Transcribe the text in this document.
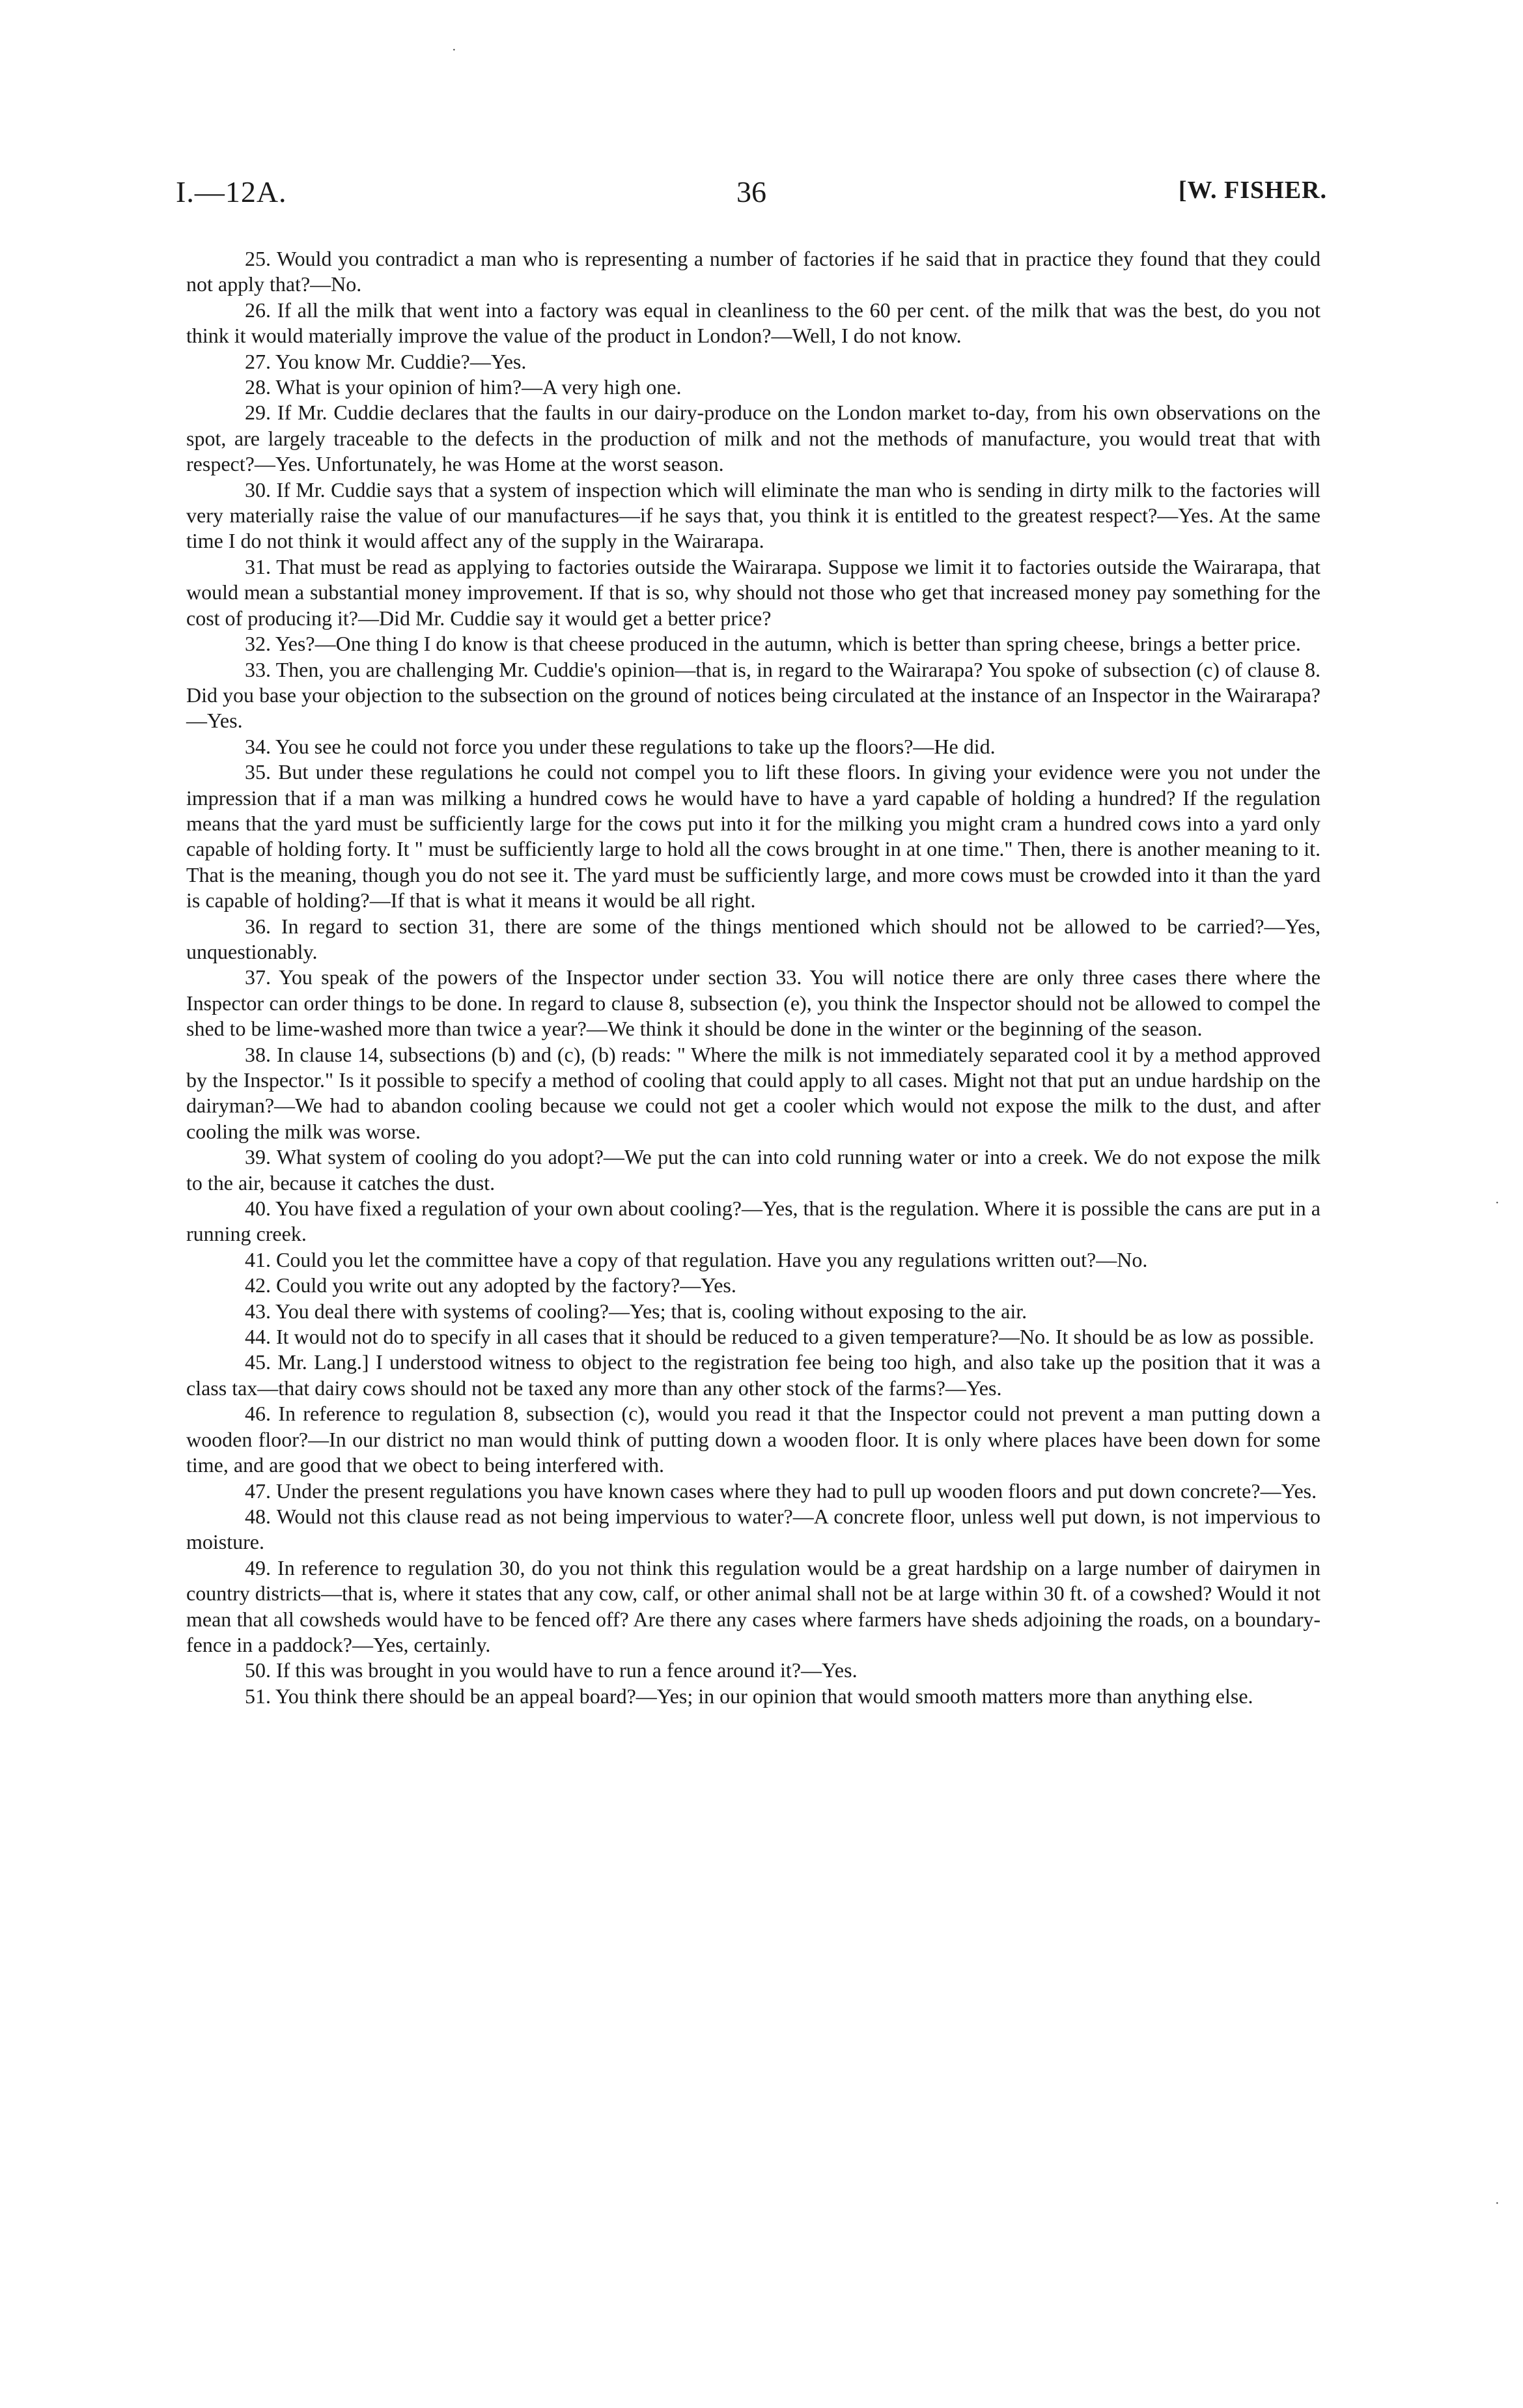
I.—12A.	36	[W. FISHER.
·
·
·

25. Would you contradict a man who is representing a number of factories if he said that in practice they found that they could not apply that?—No.

26. If all the milk that went into a factory was equal in cleanliness to the 60 per cent. of the milk that was the best, do you not think it would materially improve the value of the product in London?—Well, I do not know.

27. You know Mr. Cuddie?—Yes.

28. What is your opinion of him?—A very high one.

29. If Mr. Cuddie declares that the faults in our dairy-produce on the London market to-day, from his own observations on the spot, are largely traceable to the defects in the production of milk and not the methods of manufacture, you would treat that with respect?—Yes. Unfortunately, he was Home at the worst season.

30. If Mr. Cuddie says that a system of inspection which will eliminate the man who is sending in dirty milk to the factories will very materially raise the value of our manufactures—if he says that, you think it is entitled to the greatest respect?—Yes. At the same time I do not think it would affect any of the supply in the Wairarapa.

31. That must be read as applying to factories outside the Wairarapa. Suppose we limit it to factories outside the Wairarapa, that would mean a substantial money improvement. If that is so, why should not those who get that increased money pay something for the cost of producing it?—Did Mr. Cuddie say it would get a better price?

32. Yes?—One thing I do know is that cheese produced in the autumn, which is better than spring cheese, brings a better price.

33. Then, you are challenging Mr. Cuddie's opinion—that is, in regard to the Wairarapa? You spoke of subsection (c) of clause 8. Did you base your objection to the subsection on the ground of notices being circulated at the instance of an Inspector in the Wairarapa?—Yes.

34. You see he could not force you under these regulations to take up the floors?—He did.

35. But under these regulations he could not compel you to lift these floors. In giving your evidence were you not under the impression that if a man was milking a hundred cows he would have to have a yard capable of holding a hundred? If the regulation means that the yard must be sufficiently large for the cows put into it for the milking you might cram a hundred cows into a yard only capable of holding forty. It " must be sufficiently large to hold all the cows brought in at one time." Then, there is another meaning to it. That is the meaning, though you do not see it. The yard must be sufficiently large, and more cows must be crowded into it than the yard is capable of holding?—If that is what it means it would be all right.

36. In regard to section 31, there are some of the things mentioned which should not be allowed to be carried?—Yes, unquestionably.

37. You speak of the powers of the Inspector under section 33. You will notice there are only three cases there where the Inspector can order things to be done. In regard to clause 8, subsection (e), you think the Inspector should not be allowed to compel the shed to be lime-washed more than twice a year?—We think it should be done in the winter or the beginning of the season.

38. In clause 14, subsections (b) and (c), (b) reads: " Where the milk is not immediately separated cool it by a method approved by the Inspector." Is it possible to specify a method of cooling that could apply to all cases. Might not that put an undue hardship on the dairyman?—We had to abandon cooling because we could not get a cooler which would not expose the milk to the dust, and after cooling the milk was worse.

39. What system of cooling do you adopt?—We put the can into cold running water or into a creek. We do not expose the milk to the air, because it catches the dust.

40. You have fixed a regulation of your own about cooling?—Yes, that is the regulation. Where it is possible the cans are put in a running creek.

41. Could you let the committee have a copy of that regulation. Have you any regulations written out?—No.

42. Could you write out any adopted by the factory?—Yes.

43. You deal there with systems of cooling?—Yes; that is, cooling without exposing to the air.

44. It would not do to specify in all cases that it should be reduced to a given temperature?—No. It should be as low as possible.

45. Mr. Lang.] I understood witness to object to the registration fee being too high, and also take up the position that it was a class tax—that dairy cows should not be taxed any more than any other stock of the farms?—Yes.

46. In reference to regulation 8, subsection (c), would you read it that the Inspector could not prevent a man putting down a wooden floor?—In our district no man would think of putting down a wooden floor. It is only where places have been down for some time, and are good that we obect to being interfered with.

47. Under the present regulations you have known cases where they had to pull up wooden floors and put down concrete?—Yes.

48. Would not this clause read as not being impervious to water?—A concrete floor, unless well put down, is not impervious to moisture.

49. In reference to regulation 30, do you not think this regulation would be a great hardship on a large number of dairymen in country districts—that is, where it states that any cow, calf, or other animal shall not be at large within 30 ft. of a cowshed? Would it not mean that all cowsheds would have to be fenced off? Are there any cases where farmers have sheds adjoining the roads, on a boundary-fence in a paddock?—Yes, certainly.

50. If this was brought in you would have to run a fence around it?—Yes.

51. You think there should be an appeal board?—Yes; in our opinion that would smooth matters more than anything else.
